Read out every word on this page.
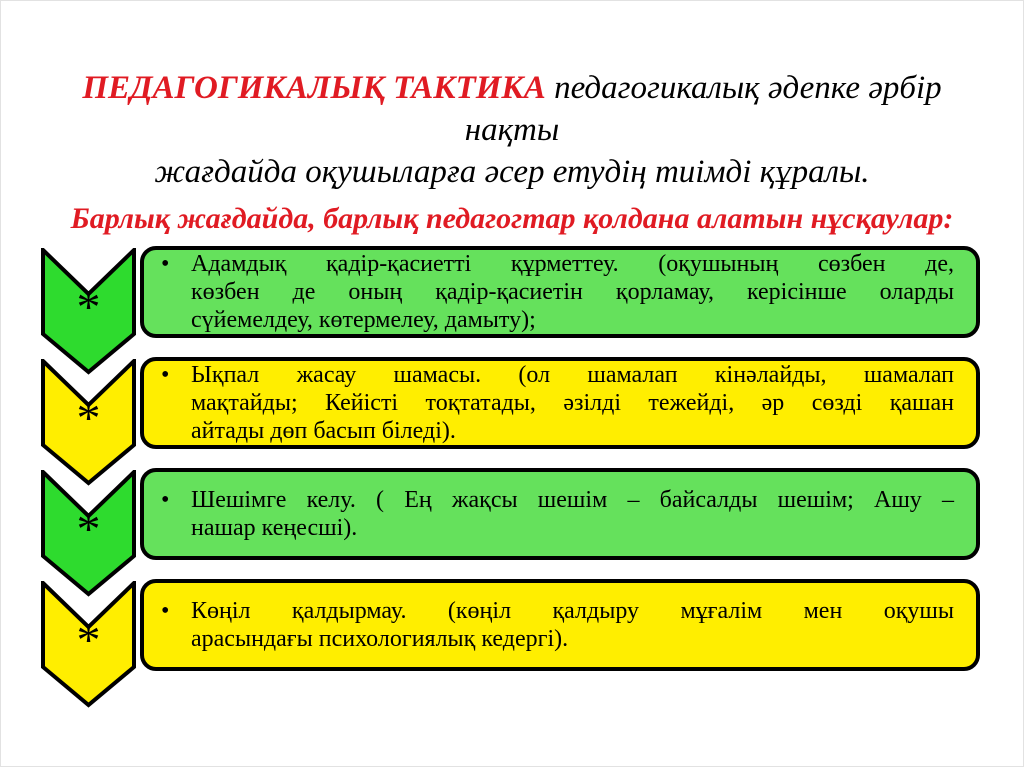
ПЕДАГОГИКАЛЫҚ ТАКТИКА педагогикалық әдепке әрбір нақты
жағдайда оқушыларға әсер етудің тиімді құралы.
Барлық жағдайда, барлық педагогтар қолдана алатын нұсқаулар:
*
• Адамдық қадір-қасиетті құрметтеу. (оқушының сөзбен де,
көзбен де оның қадір-қасиетін қорламау, керісінше оларды
сүйемелдеу, көтермелеу, дамыту);
*
• Ықпал жасау шамасы. (ол шамалап кінәлайды, шамалап
мақтайды; Кейісті тоқтатады, әзілді тежейді, әр сөзді қашан
айтады дөп басып біледі).
*
• Шешімге келу. ( Ең жақсы шешім – байсалды шешім; Ашу –
нашар кеңесші).
*
• Көңіл қалдырмау. (көңіл қалдыру мұғалім мен оқушы
арасындағы психологиялық кедергі).
